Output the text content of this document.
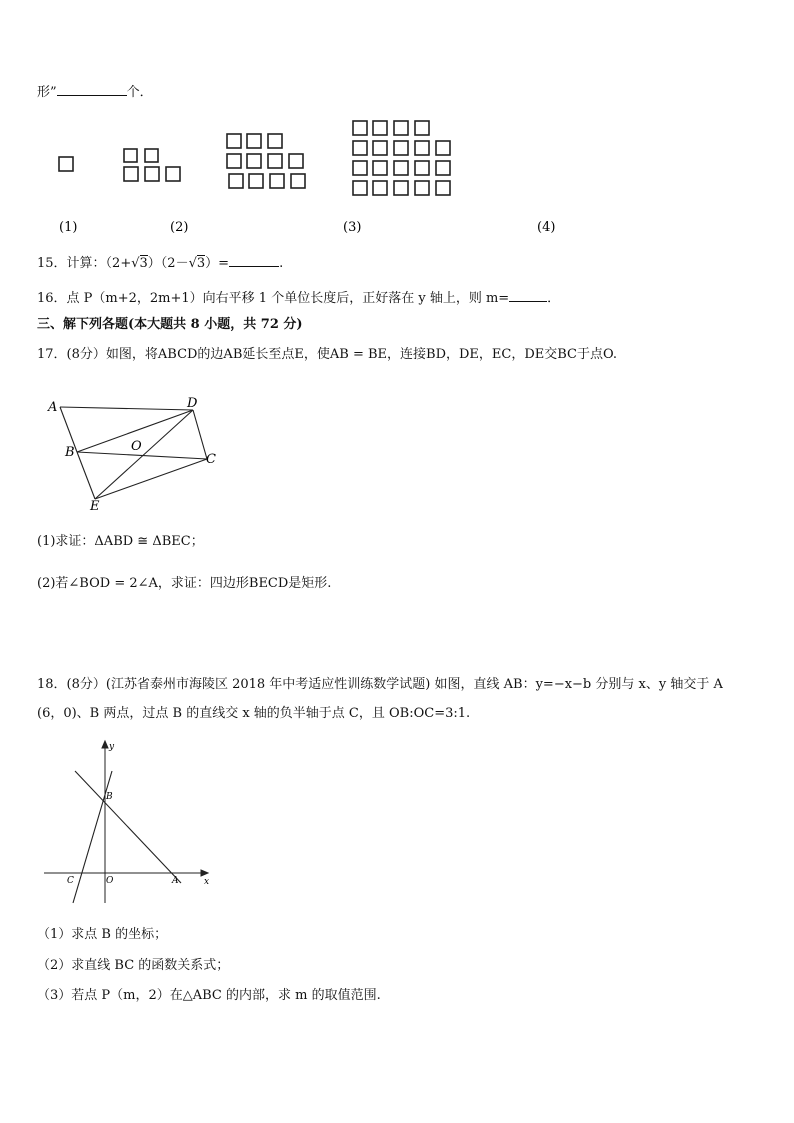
形”	个．
(1)	(2)	(3)	(4)
15．计算：（2+√3）（2－√3）=	.
16．点 P（m+2，2m+1）向右平移 1 个单位长度后，正好落在 y 轴上，则 m=	．
三、解下列各题(本大题共 8 小题，共 72 分)
17．(8分）如图，将ABCD的边AB延长至点E，使AB = BE，连接BD，DE，EC，DE交BC于点O.
A	D
B	O
C
E
(1)求证：ΔABD ≅ ΔBEC；
(2)若∠BOD = 2∠A，求证：四边形BECD是矩形.
18．(8分）(江苏省泰州市海陵区 2018 年中考适应性训练数学试题) 如图，直线 AB：y=−x−b 分别与 x、y 轴交于 A
(6，0)、B 两点，过点 B 的直线交 x 轴的负半轴于点 C，且 OB:OC=3:1.
y
B
C	O	A	x
（1）求点 B 的坐标；
（2）求直线 BC 的函数关系式；
（3）若点 P（m，2）在△ABC 的内部，求 m 的取值范围.
